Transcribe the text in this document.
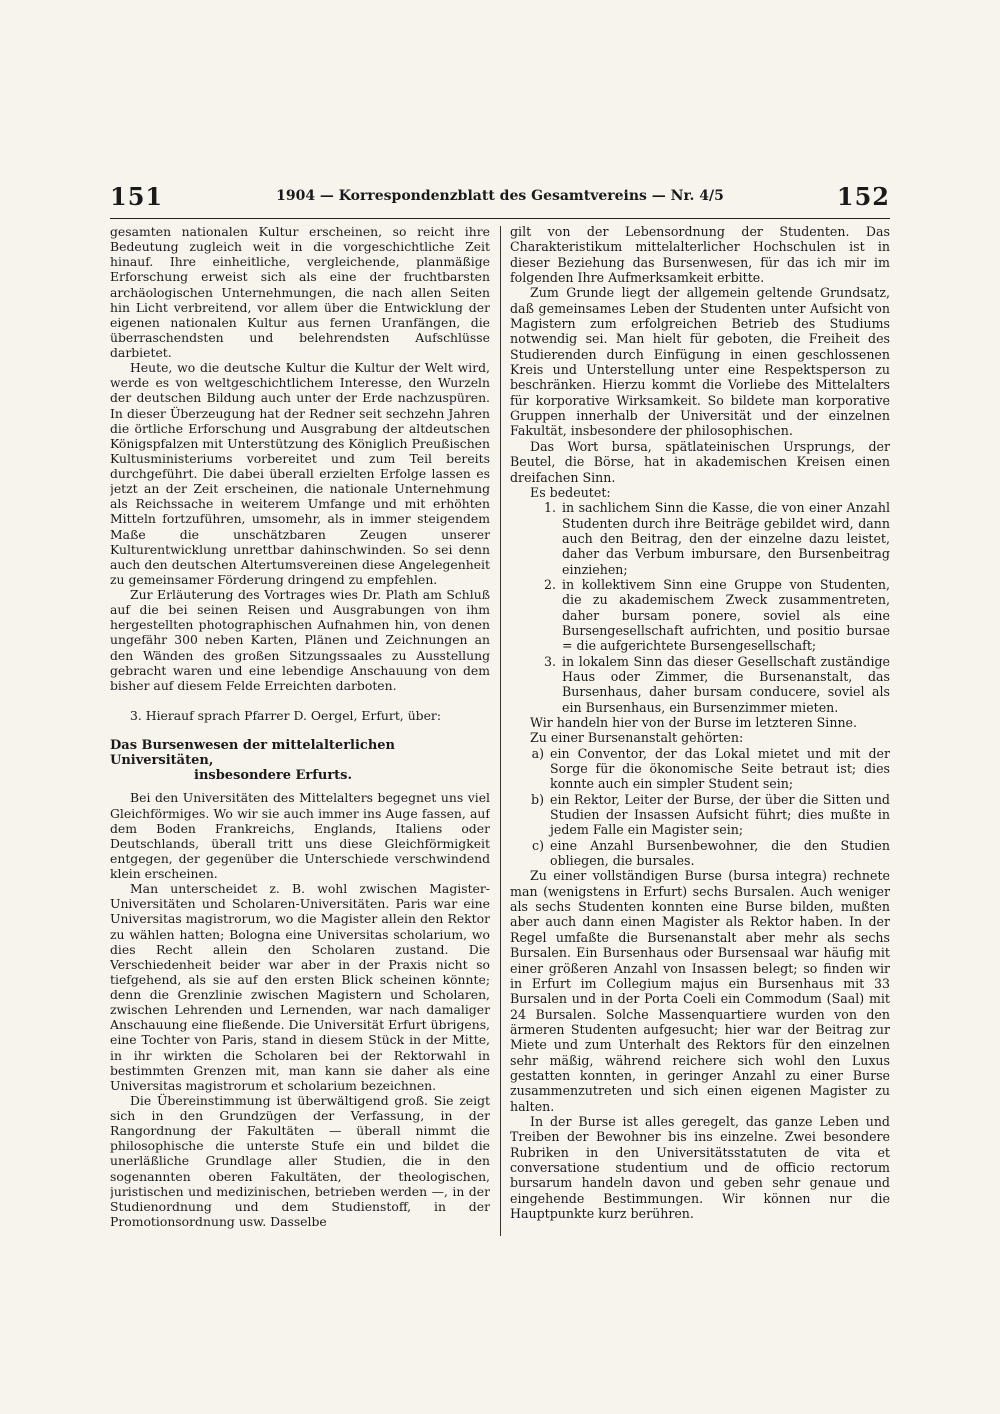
151	1904 — Korrespondenzblatt des Gesamtvereins — Nr. 4/5	152

gesamten nationalen Kultur erscheinen, so reicht ihre Bedeutung zugleich weit in die vorgeschichtliche Zeit hinauf. Ihre einheitliche, vergleichende, planmäßige Erforschung erweist sich als eine der fruchtbarsten archäologischen Unternehmungen, die nach allen Seiten hin Licht verbreitend, vor allem über die Entwicklung der eigenen nationalen Kultur aus fernen Uranfängen, die überraschendsten und belehrendsten Aufschlüsse darbietet.

Heute, wo die deutsche Kultur die Kultur der Welt wird, werde es von weltgeschichtlichem Interesse, den Wurzeln der deutschen Bildung auch unter der Erde nachzuspüren. In dieser Überzeugung hat der Redner seit sechzehn Jahren die örtliche Erforschung und Ausgrabung der altdeutschen Königspfalzen mit Unterstützung des Königlich Preußischen Kultusministeriums vorbereitet und zum Teil bereits durchgeführt. Die dabei überall erzielten Erfolge lassen es jetzt an der Zeit erscheinen, die nationale Unternehmung als Reichssache in weiterem Umfange und mit erhöhten Mitteln fortzuführen, umsomehr, als in immer steigendem Maße die unschätzbaren Zeugen unserer Kulturentwicklung unrettbar dahinschwinden. So sei denn auch den deutschen Altertumsvereinen diese Angelegenheit zu gemeinsamer Förderung dringend zu empfehlen.

Zur Erläuterung des Vortrages wies Dr. Plath am Schluß auf die bei seinen Reisen und Ausgrabungen von ihm hergestellten photographischen Aufnahmen hin, von denen ungefähr 300 neben Karten, Plänen und Zeichnungen an den Wänden des großen Sitzungssaales zu Ausstellung gebracht waren und eine lebendige Anschauung von dem bisher auf diesem Felde Erreichten darboten.

3. Hierauf sprach Pfarrer D. Oergel, Erfurt, über:

Das Bursenwesen der mittelalterlichen Universitäten,
insbesondere Erfurts.

Bei den Universitäten des Mittelalters begegnet uns viel Gleichförmiges. Wo wir sie auch immer ins Auge fassen, auf dem Boden Frankreichs, Englands, Italiens oder Deutschlands, überall tritt uns diese Gleichförmigkeit entgegen, der gegenüber die Unterschiede verschwindend klein erscheinen.

Man unterscheidet z. B. wohl zwischen Magister-Universitäten und Scholaren-Universitäten. Paris war eine Universitas magistrorum, wo die Magister allein den Rektor zu wählen hatten; Bologna eine Universitas scholarium, wo dies Recht allein den Scholaren zustand. Die Verschiedenheit beider war aber in der Praxis nicht so tiefgehend, als sie auf den ersten Blick scheinen könnte; denn die Grenzlinie zwischen Magistern und Scholaren, zwischen Lehrenden und Lernenden, war nach damaliger Anschauung eine fließende. Die Universität Erfurt übrigens, eine Tochter von Paris, stand in diesem Stück in der Mitte, in ihr wirkten die Scholaren bei der Rektorwahl in bestimmten Grenzen mit, man kann sie daher als eine Universitas magistrorum et scholarium bezeichnen.

Die Übereinstimmung ist überwältigend groß. Sie zeigt sich in den Grundzügen der Verfassung, in der Rangordnung der Fakultäten — überall nimmt die philosophische die unterste Stufe ein und bildet die unerläßliche Grundlage aller Studien, die in den sogenannten oberen Fakultäten, der theologischen, juristischen und medizinischen, betrieben werden —, in der Studienordnung und dem Studienstoff, in der Promotionsordnung usw. Dasselbe

gilt von der Lebensordnung der Studenten. Das Charakteristikum mittelalterlicher Hochschulen ist in dieser Beziehung das Bursenwesen, für das ich mir im folgenden Ihre Aufmerksamkeit erbitte.

Zum Grunde liegt der allgemein geltende Grundsatz, daß gemeinsames Leben der Studenten unter Aufsicht von Magistern zum erfolgreichen Betrieb des Studiums notwendig sei. Man hielt für geboten, die Freiheit des Studierenden durch Einfügung in einen geschlossenen Kreis und Unterstellung unter eine Respektsperson zu beschränken. Hierzu kommt die Vorliebe des Mittelalters für korporative Wirksamkeit. So bildete man korporative Gruppen innerhalb der Universität und der einzelnen Fakultät, insbesondere der philosophischen.

Das Wort bursa, spätlateinischen Ursprungs, der Beutel, die Börse, hat in akademischen Kreisen einen dreifachen Sinn.

Es bedeutet:

1. in sachlichem Sinn die Kasse, die von einer Anzahl Studenten durch ihre Beiträge gebildet wird, dann auch den Beitrag, den der einzelne dazu leistet, daher das Verbum imbursare, den Bursenbeitrag einziehen;
2. in kollektivem Sinn eine Gruppe von Studenten, die zu akademischem Zweck zusammentreten, daher bursam ponere, soviel als eine Bursengesellschaft aufrichten, und positio bursae = die aufgerichtete Bursengesellschaft;
3. in lokalem Sinn das dieser Gesellschaft zuständige Haus oder Zimmer, die Bursenanstalt, das Bursenhaus, daher bursam conducere, soviel als ein Bursenhaus, ein Bursenzimmer mieten.

Wir handeln hier von der Burse im letzteren Sinne.

Zu einer Bursenanstalt gehörten:

a) ein Conventor, der das Lokal mietet und mit der Sorge für die ökonomische Seite betraut ist; dies konnte auch ein simpler Student sein;
b) ein Rektor, Leiter der Burse, der über die Sitten und Studien der Insassen Aufsicht führt; dies mußte in jedem Falle ein Magister sein;
c) eine Anzahl Bursenbewohner, die den Studien obliegen, die bursales.

Zu einer vollständigen Burse (bursa integra) rechnete man (wenigstens in Erfurt) sechs Bursalen. Auch weniger als sechs Studenten konnten eine Burse bilden, mußten aber auch dann einen Magister als Rektor haben. In der Regel umfaßte die Bursenanstalt aber mehr als sechs Bursalen. Ein Bursenhaus oder Bursensaal war häufig mit einer größeren Anzahl von Insassen belegt; so finden wir in Erfurt im Collegium majus ein Bursenhaus mit 33 Bursalen und in der Porta Coeli ein Commodum (Saal) mit 24 Bursalen. Solche Massenquartiere wurden von den ärmeren Studenten aufgesucht; hier war der Beitrag zur Miete und zum Unterhalt des Rektors für den einzelnen sehr mäßig, während reichere sich wohl den Luxus gestatten konnten, in geringer Anzahl zu einer Burse zusammenzutreten und sich einen eigenen Magister zu halten.

In der Burse ist alles geregelt, das ganze Leben und Treiben der Bewohner bis ins einzelne. Zwei besondere Rubriken in den Universitätsstatuten de vita et conversatione studentium und de officio rectorum bursarum handeln davon und geben sehr genaue und eingehende Bestimmungen. Wir können nur die Hauptpunkte kurz berühren.
